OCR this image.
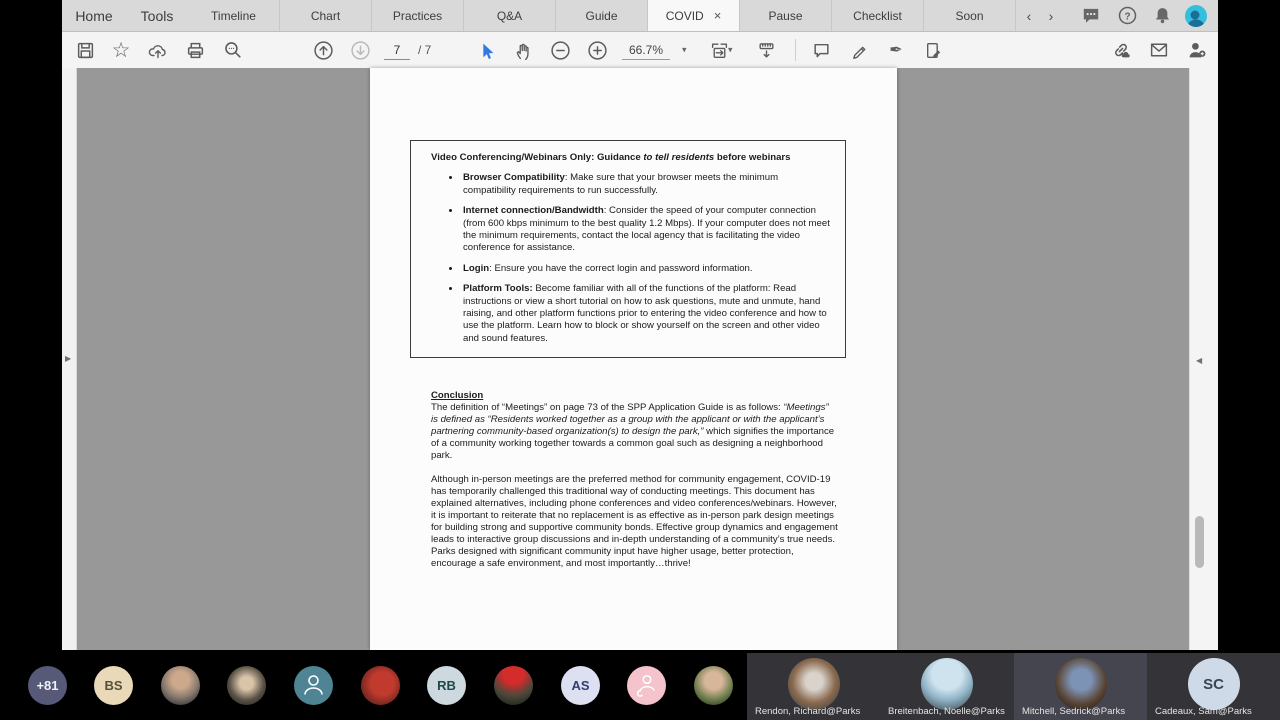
Home Tools	Timeline	Chart	Practices	Q&A	Guide	COVID ×	Pause	Checklist	Soon	‹	›	?
☆	7	/ 7	66.7%	▾	▾	✒
▶
Video Conferencing/Webinars Only: Guidance to tell residents before webinars
• Browser Compatibility: Make sure that your browser meets the minimum compatibility requirements to run successfully.
• Internet connection/Bandwidth: Consider the speed of your computer connection (from 600 kbps minimum to the best quality 1.2 Mbps). If your computer does not meet the minimum requirements, contact the local agency that is facilitating the video conference for assistance.
• Login: Ensure you have the correct login and password information.
• Platform Tools: Become familiar with all of the functions of the platform: Read instructions or view a short tutorial on how to ask questions, mute and unmute, hand raising, and other platform functions prior to entering the video conference and how to use the platform. Learn how to block or show yourself on the screen and other video and sound features.
Conclusion

The definition of “Meetings” on page 73 of the SPP Application Guide is as follows: “Meetings” is defined as “Residents worked together as a group with the applicant or with the applicant’s partnering community-based organization(s) to design the park,” which signifies the importance of a community working together towards a common goal such as designing a neighborhood park.

Although in-person meetings are the preferred method for community engagement, COVID-19 has temporarily challenged this traditional way of conducting meetings. This document has explained alternatives, including phone conferences and video conferences/webinars. However, it is important to reiterate that no replacement is as effective as in-person park design meetings for building strong and supportive community bonds. Effective group dynamics and engagement leads to interactive group discussions and in-depth understanding of a community’s true needs. Parks designed with significant community input have higher usage, better protection, encourage a safe environment, and most importantly…thrive!

◀
+81	BS	RB	AS
Rendon, Richard@Parks	Breitenbach, Noelle@Parks Mitchell, Sedrick@Parks
SC
Cadeaux, Sam@Parks
